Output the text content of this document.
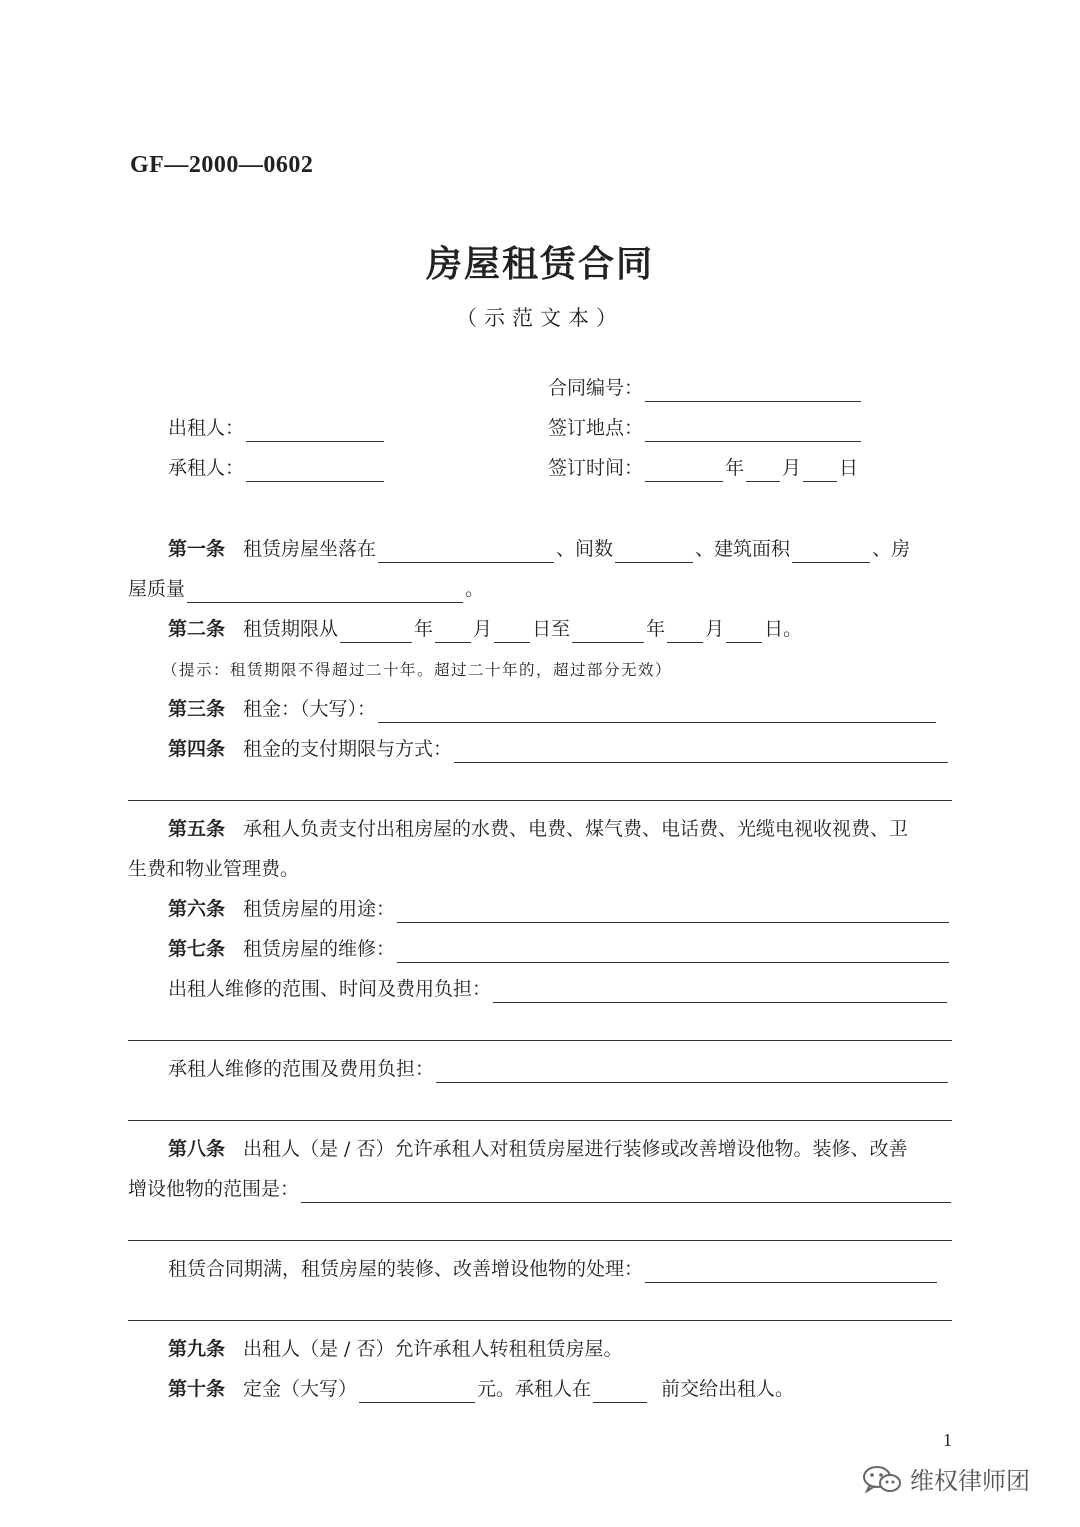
GF—2000—0602
房屋租赁合同
（示范文本）
合同编号：
出租人：	签订地点：
承租人：	签订时间：	年 月 日
第一条 租赁房屋坐落在	、间数	、建筑面积	、房
屋质量	。
第二条 租赁期限从	年 月 日至	年 月 日。
（提示：租赁期限不得超过二十年。超过二十年的，超过部分无效）
第三条 租金：（大写）：
第四条 租金的支付期限与方式：
第五条 承租人负责支付出租房屋的水费、电费、煤气费、电话费、光缆电视收视费、卫
生费和物业管理费。
第六条 租赁房屋的用途：
第七条 租赁房屋的维修：
出租人维修的范围、时间及费用负担：
承租人维修的范围及费用负担：
第八条 出租人（是 / 否）允许承租人对租赁房屋进行装修或改善增设他物。装修、改善
增设他物的范围是：
租赁合同期满，租赁房屋的装修、改善增设他物的处理：
第九条 出租人（是 / 否）允许承租人转租租赁房屋。
第十条 定金（大写）	元。承租人在	前交给出租人。
1
维权律师团
